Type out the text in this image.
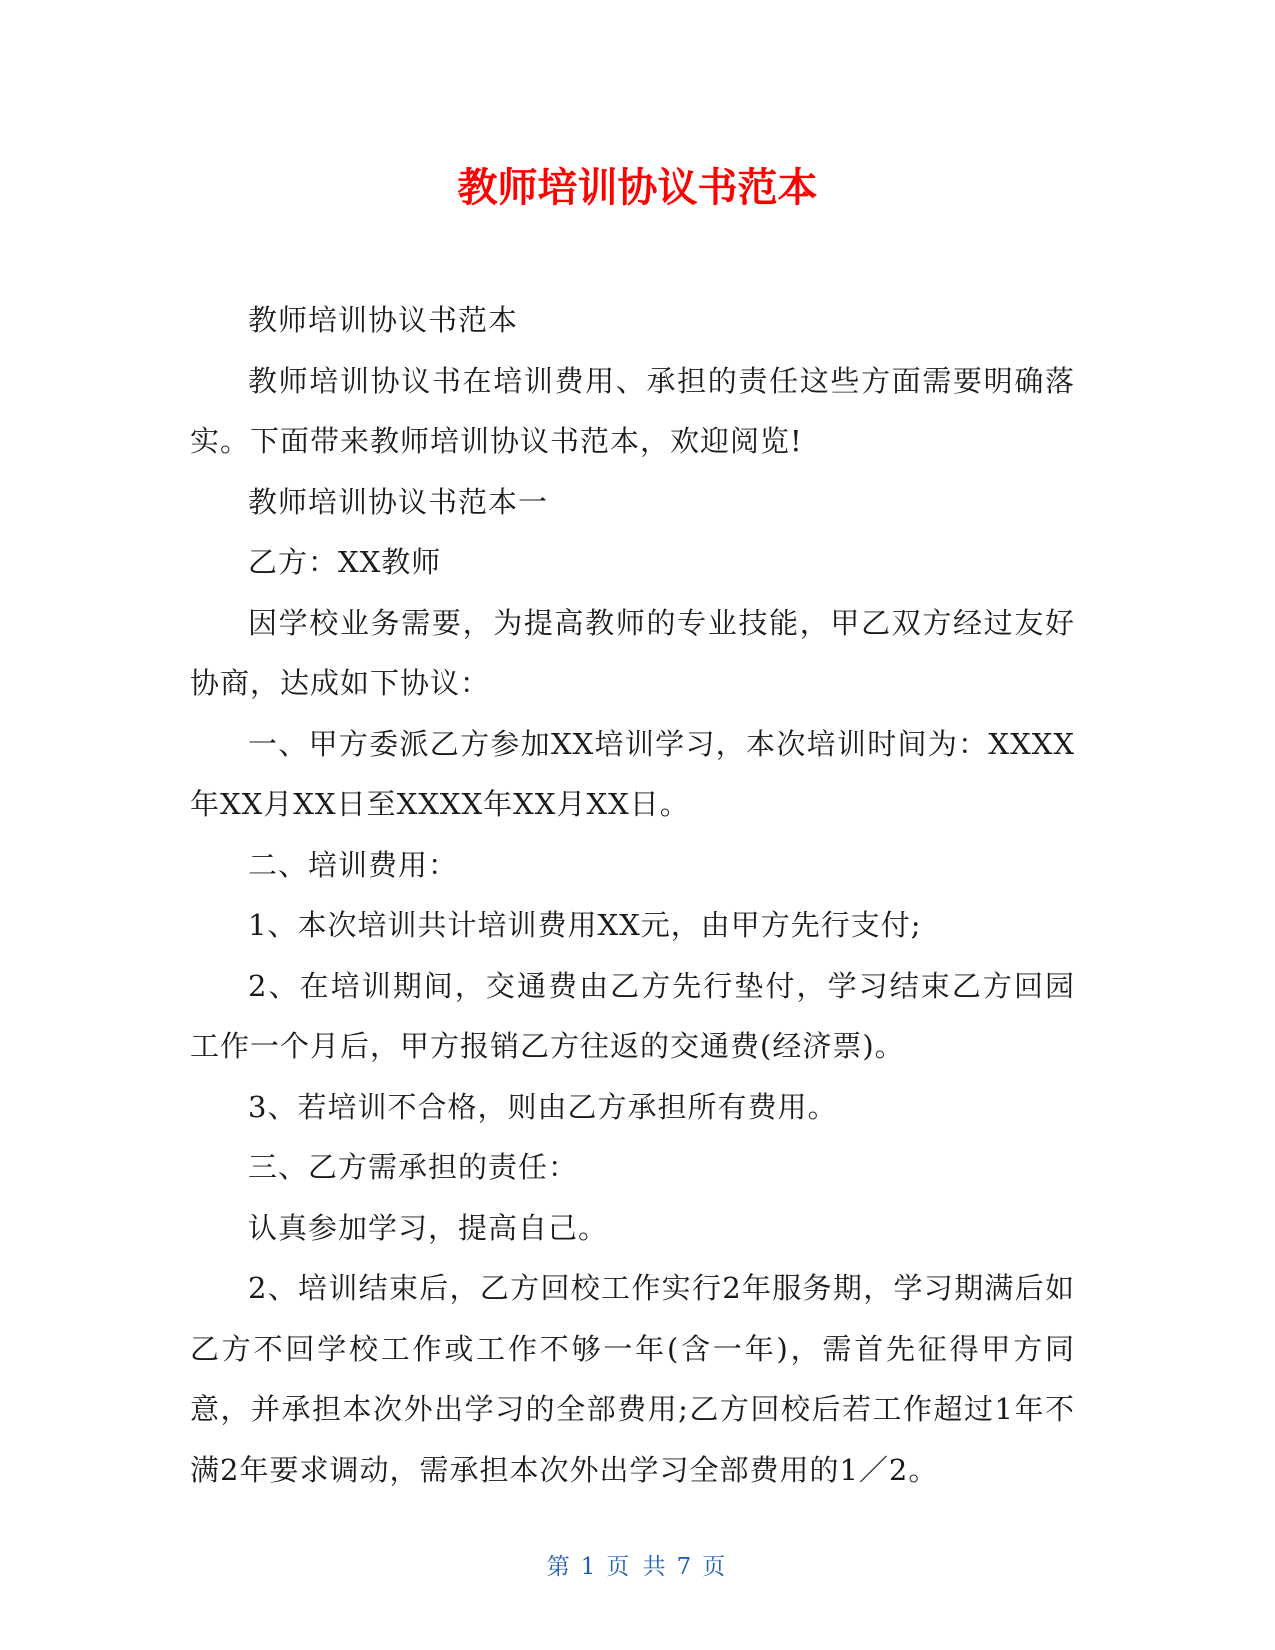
教师培训协议书范本

教师培训协议书范本

教师培训协议书在培训费用、承担的责任这些方面需要明确落实。下面带来教师培训协议书范本，欢迎阅览!

教师培训协议书范本一

乙方：XX教师

因学校业务需要，为提高教师的专业技能，甲乙双方经过友好协商，达成如下协议：

一、甲方委派乙方参加XX培训学习，本次培训时间为：XXXX年XX月XX日至XXXX年XX月XX日。

二、培训费用：

1、本次培训共计培训费用XX元，由甲方先行支付;

2、在培训期间，交通费由乙方先行垫付，学习结束乙方回园工作一个月后，甲方报销乙方往返的交通费(经济票)。

3、若培训不合格，则由乙方承担所有费用。

三、乙方需承担的责任：

认真参加学习，提高自己。

2、培训结束后，乙方回校工作实行2年服务期，学习期满后如乙方不回学校工作或工作不够一年(含一年)，需首先征得甲方同意，并承担本次外出学习的全部费用;乙方回校后若工作超过1年不满2年要求调动，需承担本次外出学习全部费用的1／2。

第 1 页 共 7 页
